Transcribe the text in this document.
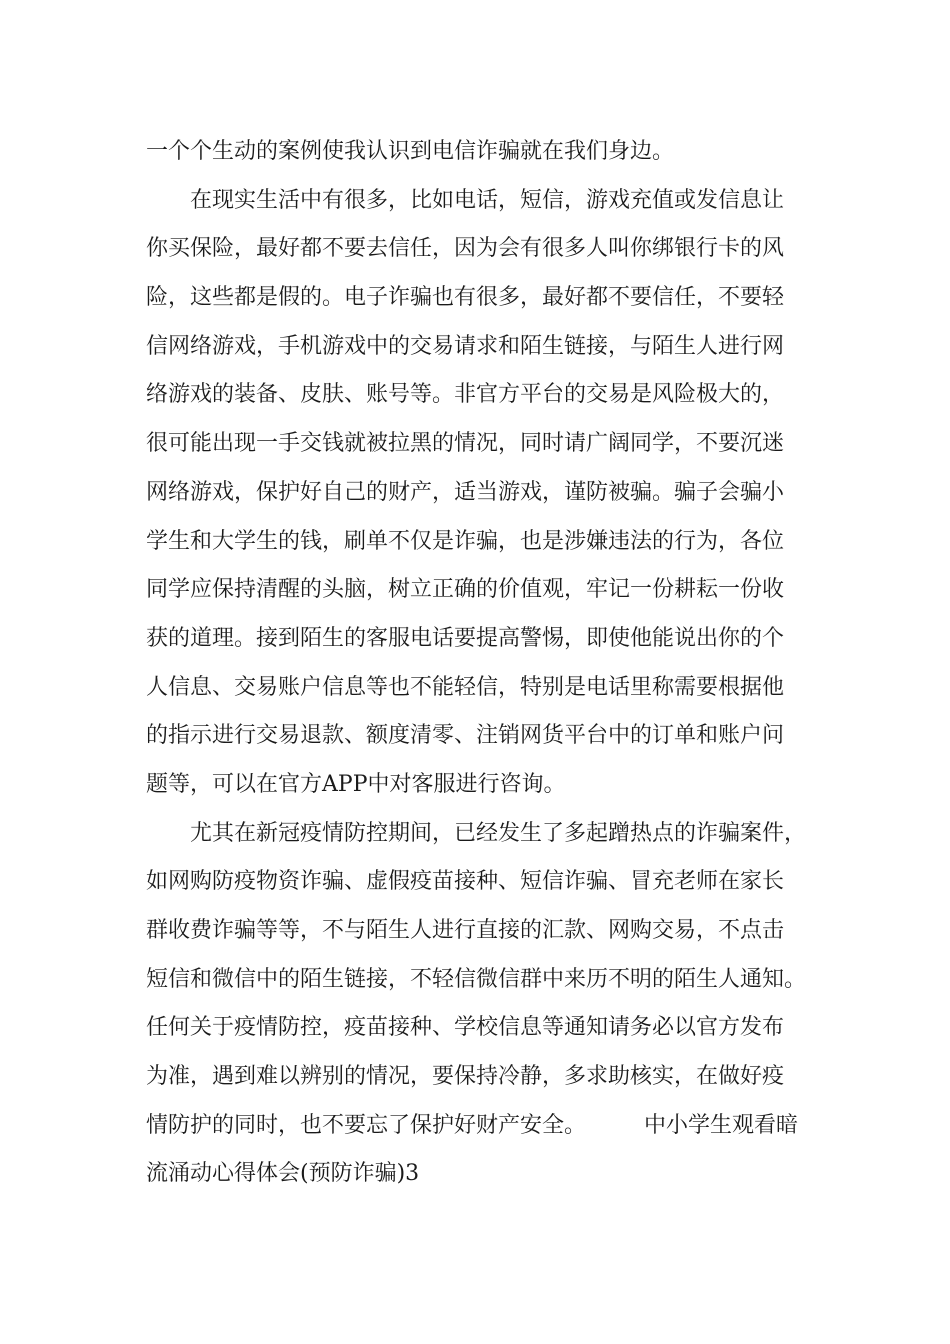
一个个生动的案例使我认识到电信诈骗就在我们身边。
在现实生活中有很多，比如电话，短信，游戏充值或发信息让
你买保险，最好都不要去信任，因为会有很多人叫你绑银行卡的风
险，这些都是假的。电子诈骗也有很多，最好都不要信任，不要轻
信网络游戏，手机游戏中的交易请求和陌生链接，与陌生人进行网
络游戏的装备、皮肤、账号等。非官方平台的交易是风险极大的，
很可能出现一手交钱就被拉黑的情况，同时请广阔同学，不要沉迷
网络游戏，保护好自己的财产，适当游戏，谨防被骗。骗子会骗小
学生和大学生的钱，刷单不仅是诈骗，也是涉嫌违法的行为，各位
同学应保持清醒的头脑，树立正确的价值观，牢记一份耕耘一份收
获的道理。接到陌生的客服电话要提高警惕，即使他能说出你的个
人信息、交易账户信息等也不能轻信，特别是电话里称需要根据他
的指示进行交易退款、额度清零、注销网货平台中的订单和账户问
题等，可以在官方APP中对客服进行咨询。
尤其在新冠疫情防控期间，已经发生了多起蹭热点的诈骗案件，
如网购防疫物资诈骗、虚假疫苗接种、短信诈骗、冒充老师在家长
群收费诈骗等等，不与陌生人进行直接的汇款、网购交易，不点击
短信和微信中的陌生链接，不轻信微信群中来历不明的陌生人通知。
任何关于疫情防控，疫苗接种、学校信息等通知请务必以官方发布
为准，遇到难以辨别的情况，要保持冷静，多求助核实，在做好疫
情防护的同时，也不要忘了保护好财产安全。	中小学生观看暗
流涌动心得体会(预防诈骗)3
